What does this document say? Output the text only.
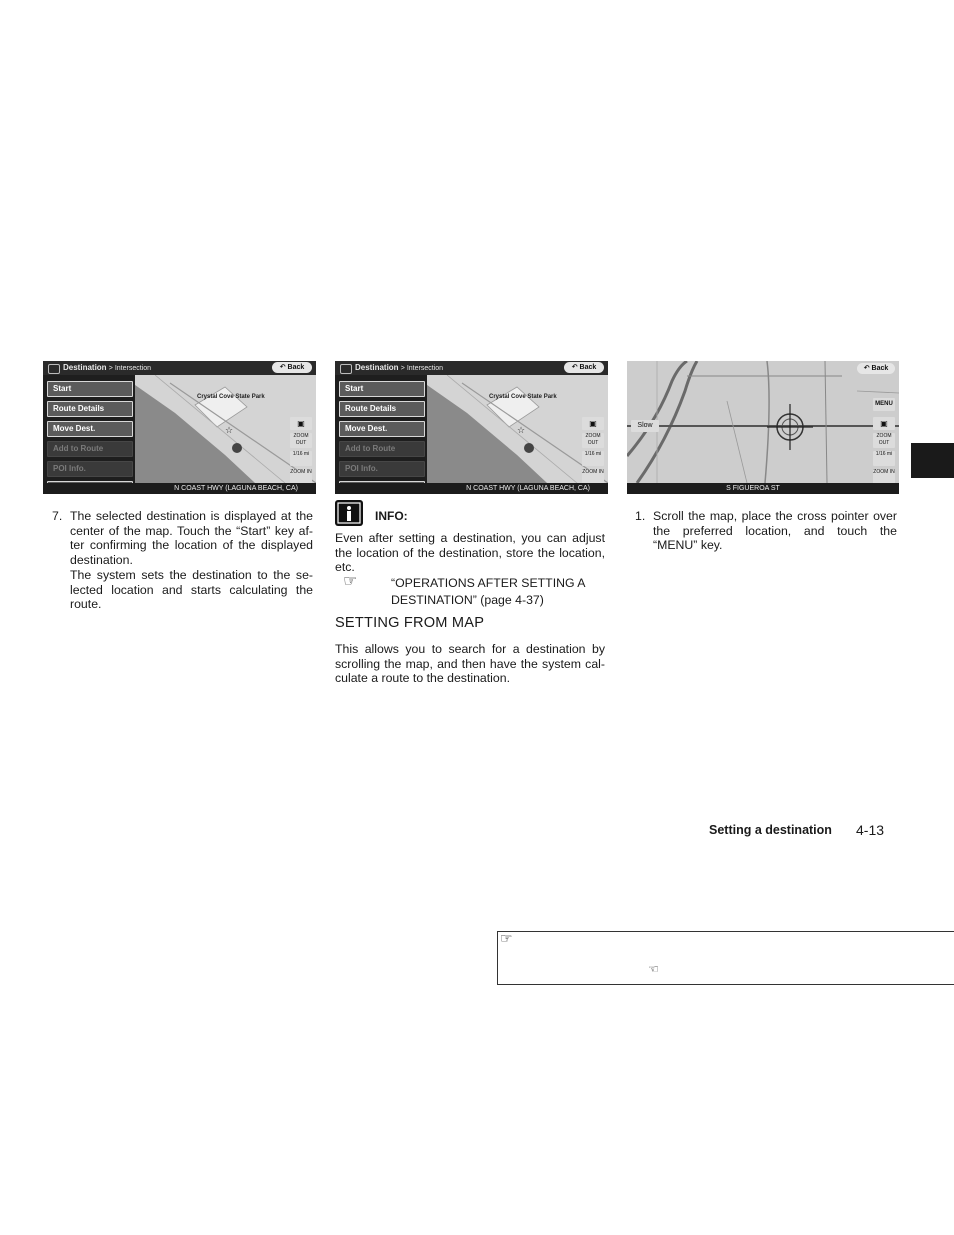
Destination > Intersection	↶ Back
☆
Crystal Cove State Park
Start
Route Details
Move Dest.
Add to Route
POI Info.
▣
ZOOM OUT
1/16 mi
ZOOM IN
N COAST HWY (LAGUNA BEACH, CA)
Destination > Intersection	↶ Back
☆
Crystal Cove State Park
Start
Route Details
Move Dest.
Add to Route
POI Info.
▣
ZOOM OUT
1/16 mi
ZOOM IN
N COAST HWY (LAGUNA BEACH, CA)
↶ Back
MENU
Slow	▣
ZOOM OUT
1/16 mi
ZOOM IN
S FIGUEROA ST
7. The selected destination is displayed at the center of the map. Touch the “Start” key af- ter confirming the location of the displayed destination.
The system sets the destination to the se- lected location and starts calculating the route.
INFO:
Even after setting a destination, you can adjust the location of the destination, store the location, etc.
☞	“OPERATIONS AFTER SETTING A DESTINATION” (page 4-37)
SETTING FROM MAP
This allows you to search for a destination by scrolling the map, and then have the system cal- culate a route to the destination.
1. Scroll the map, place the cross pointer over the preferred location, and touch the “MENU” key.
Setting a destination 4-13
☞
☜
